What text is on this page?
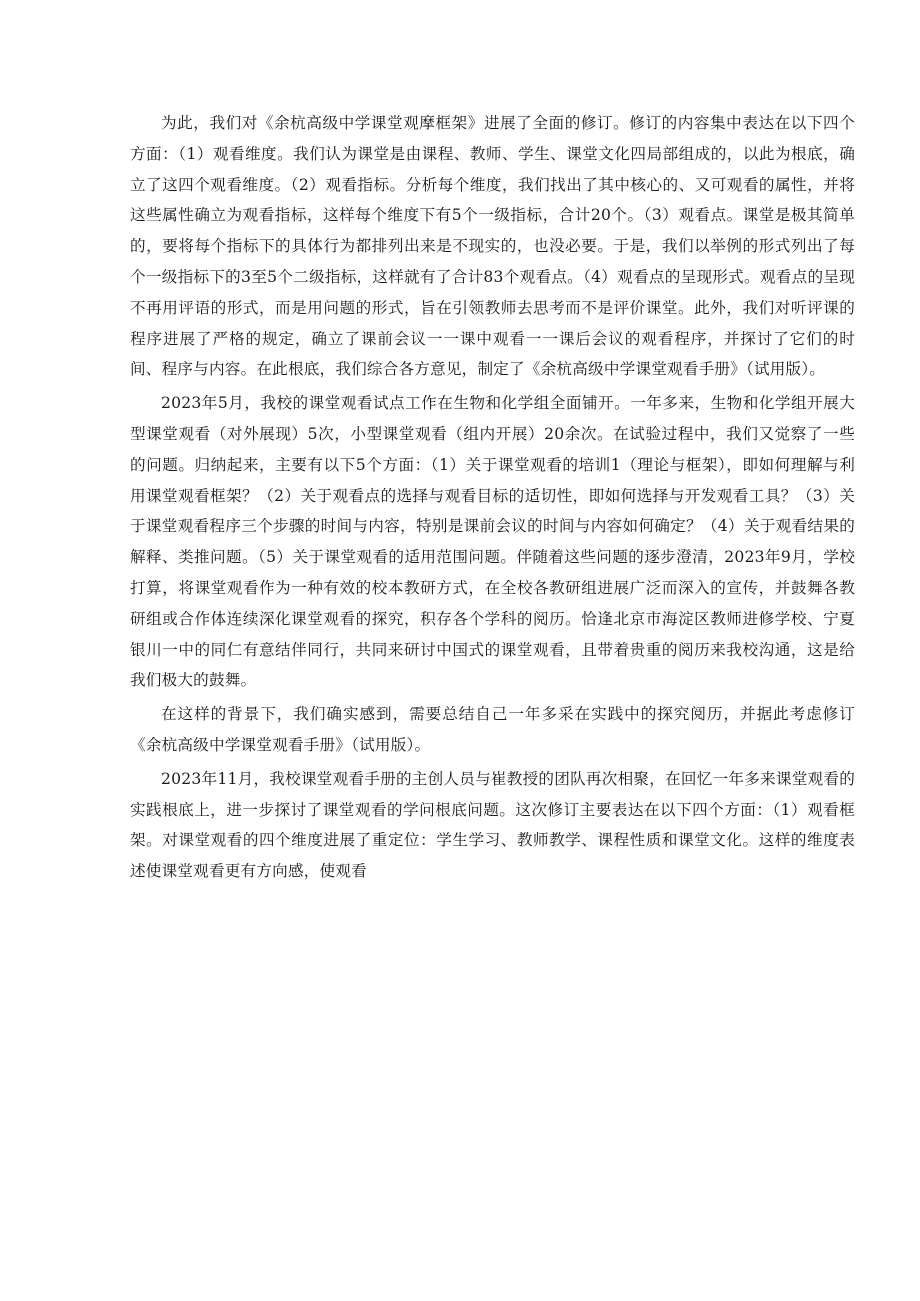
为此，我们对《余杭高级中学课堂观摩框架》进展了全面的修订。修订的内容集中表达在以下四个方面：（1）观看维度。我们认为课堂是由课程、教师、学生、课堂文化四局部组成的，以此为根底，确立了这四个观看维度。（2）观看指标。分析每个维度，我们找出了其中核心的、又可观看的属性，并将这些属性确立为观看指标，这样每个维度下有5个一级指标，合计20个。（3）观看点。课堂是极其简单的，要将每个指标下的具体行为都排列出来是不现实的，也没必要。于是，我们以举例的形式列出了每个一级指标下的3至5个二级指标，这样就有了合计83个观看点。（4）观看点的呈现形式。观看点的呈现不再用评语的形式，而是用问题的形式，旨在引领教师去思考而不是评价课堂。此外，我们对听评课的程序进展了严格的规定，确立了课前会议一一课中观看一一课后会议的观看程序，并探讨了它们的时间、程序与内容。在此根底，我们综合各方意见，制定了《余杭高级中学课堂观看手册》（试用版）。

2023年5月，我校的课堂观看试点工作在生物和化学组全面铺开。一年多来，生物和化学组开展大型课堂观看（对外展现）5次，小型课堂观看（组内开展）20余次。在试验过程中，我们又觉察了一些的问题。归纳起来，主要有以下5个方面：（1）关于课堂观看的培训1（理论与框架），即如何理解与利用课堂观看框架？（2）关于观看点的选择与观看目标的适切性，即如何选择与开发观看工具？（3）关于课堂观看程序三个步骤的时间与内容，特别是课前会议的时间与内容如何确定？（4）关于观看结果的解释、类推问题。（5）关于课堂观看的适用范围问题。伴随着这些问题的逐步澄清，2023年9月，学校打算，将课堂观看作为一种有效的校本教研方式，在全校各教研组进展广泛而深入的宣传，并鼓舞各教研组或合作体连续深化课堂观看的探究，积存各个学科的阅历。恰逢北京市海淀区教师进修学校、宁夏银川一中的同仁有意结伴同行，共同来研讨中国式的课堂观看，且带着贵重的阅历来我校沟通，这是给我们极大的鼓舞。

在这样的背景下，我们确实感到，需要总结自己一年多采在实践中的探究阅历，并据此考虑修订《余杭高级中学课堂观看手册》（试用版）。

2023年11月，我校课堂观看手册的主创人员与崔教授的团队再次相聚，在回忆一年多来课堂观看的实践根底上，进一步探讨了课堂观看的学问根底问题。这次修订主要表达在以下四个方面：（1）观看框架。对课堂观看的四个维度进展了重定位：学生学习、教师教学、课程性质和课堂文化。这样的维度表述使课堂观看更有方向感，使观看
